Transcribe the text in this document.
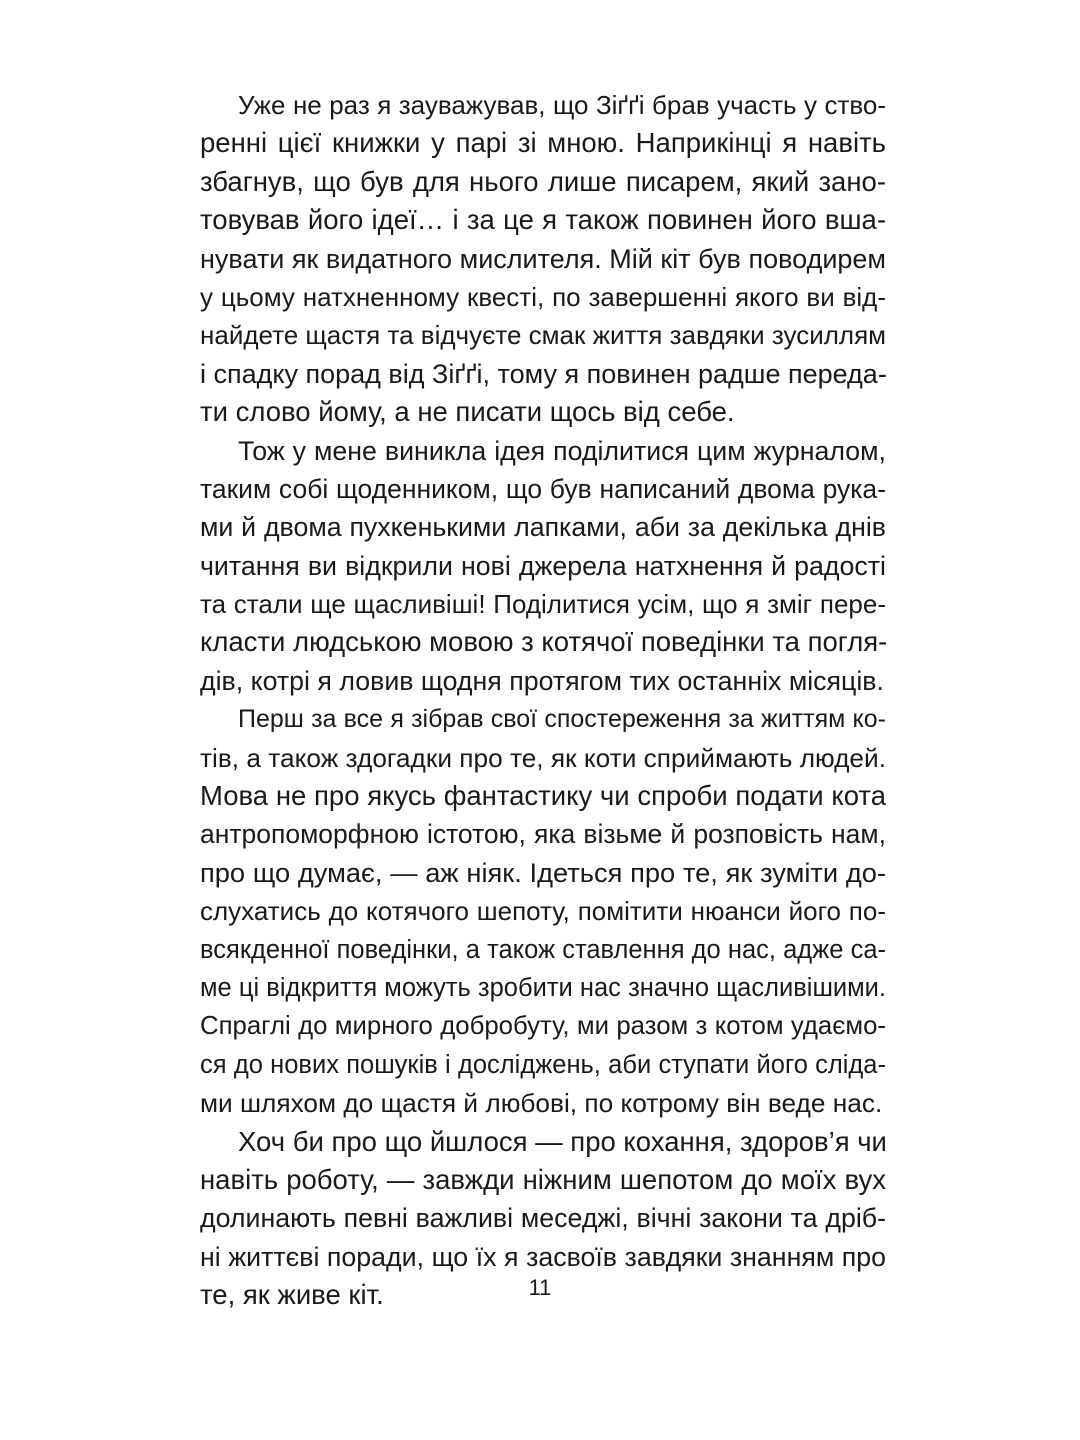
Уже не раз я зауважував, що Зіґґі брав участь у ство-
ренні цієї книжки у парі зі мною. Наприкінці я навіть
збагнув, що був для нього лише писарем, який зано-
товував його ідеї… і за це я також повинен його вша-
нувати як видатного мислителя. Мій кіт був поводирем
у цьому натхненному квесті, по завершенні якого ви від-
найдете щастя та відчуєте смак життя завдяки зусиллям
і спадку порад від Зіґґі, тому я повинен радше переда-
ти слово йому, а не писати щось від себе.
Тож у мене виникла ідея поділитися цим журналом,
таким собі щоденником, що був написаний двома рука-
ми й двома пухкенькими лапками, аби за декілька днів
читання ви відкрили нові джерела натхнення й радості
та стали ще щасливіші! Поділитися усім, що я зміг пере-
класти людською мовою з котячої поведінки та погля-
дів, котрі я ловив щодня протягом тих останніх місяців.
Перш за все я зібрав свої спостереження за життям ко-
тів, а також здогадки про те, як коти сприймають людей.
Мова не про якусь фантастику чи спроби подати кота
антропоморфною істотою, яка візьме й розповість нам,
про що думає, — аж ніяк. Ідеться про те, як зуміти до-
слухатись до котячого шепоту, помітити нюанси його по-
всякденної поведінки, а також ставлення до нас, адже са-
ме ці відкриття можуть зробити нас значно щасливішими.
Спраглі до мирного добробуту, ми разом з котом удаємо-
ся до нових пошуків і досліджень, аби ступати його сліда-
ми шляхом до щастя й любові, по котрому він веде нас.
Хоч би про що йшлося — про кохання, здоров’я чи
навіть роботу, — завжди ніжним шепотом до моїх вух
долинають певні важливі меседжі, вічні закони та дріб-
ні життєві поради, що їх я засвоїв завдяки знанням про
те, як живе кіт.	11
